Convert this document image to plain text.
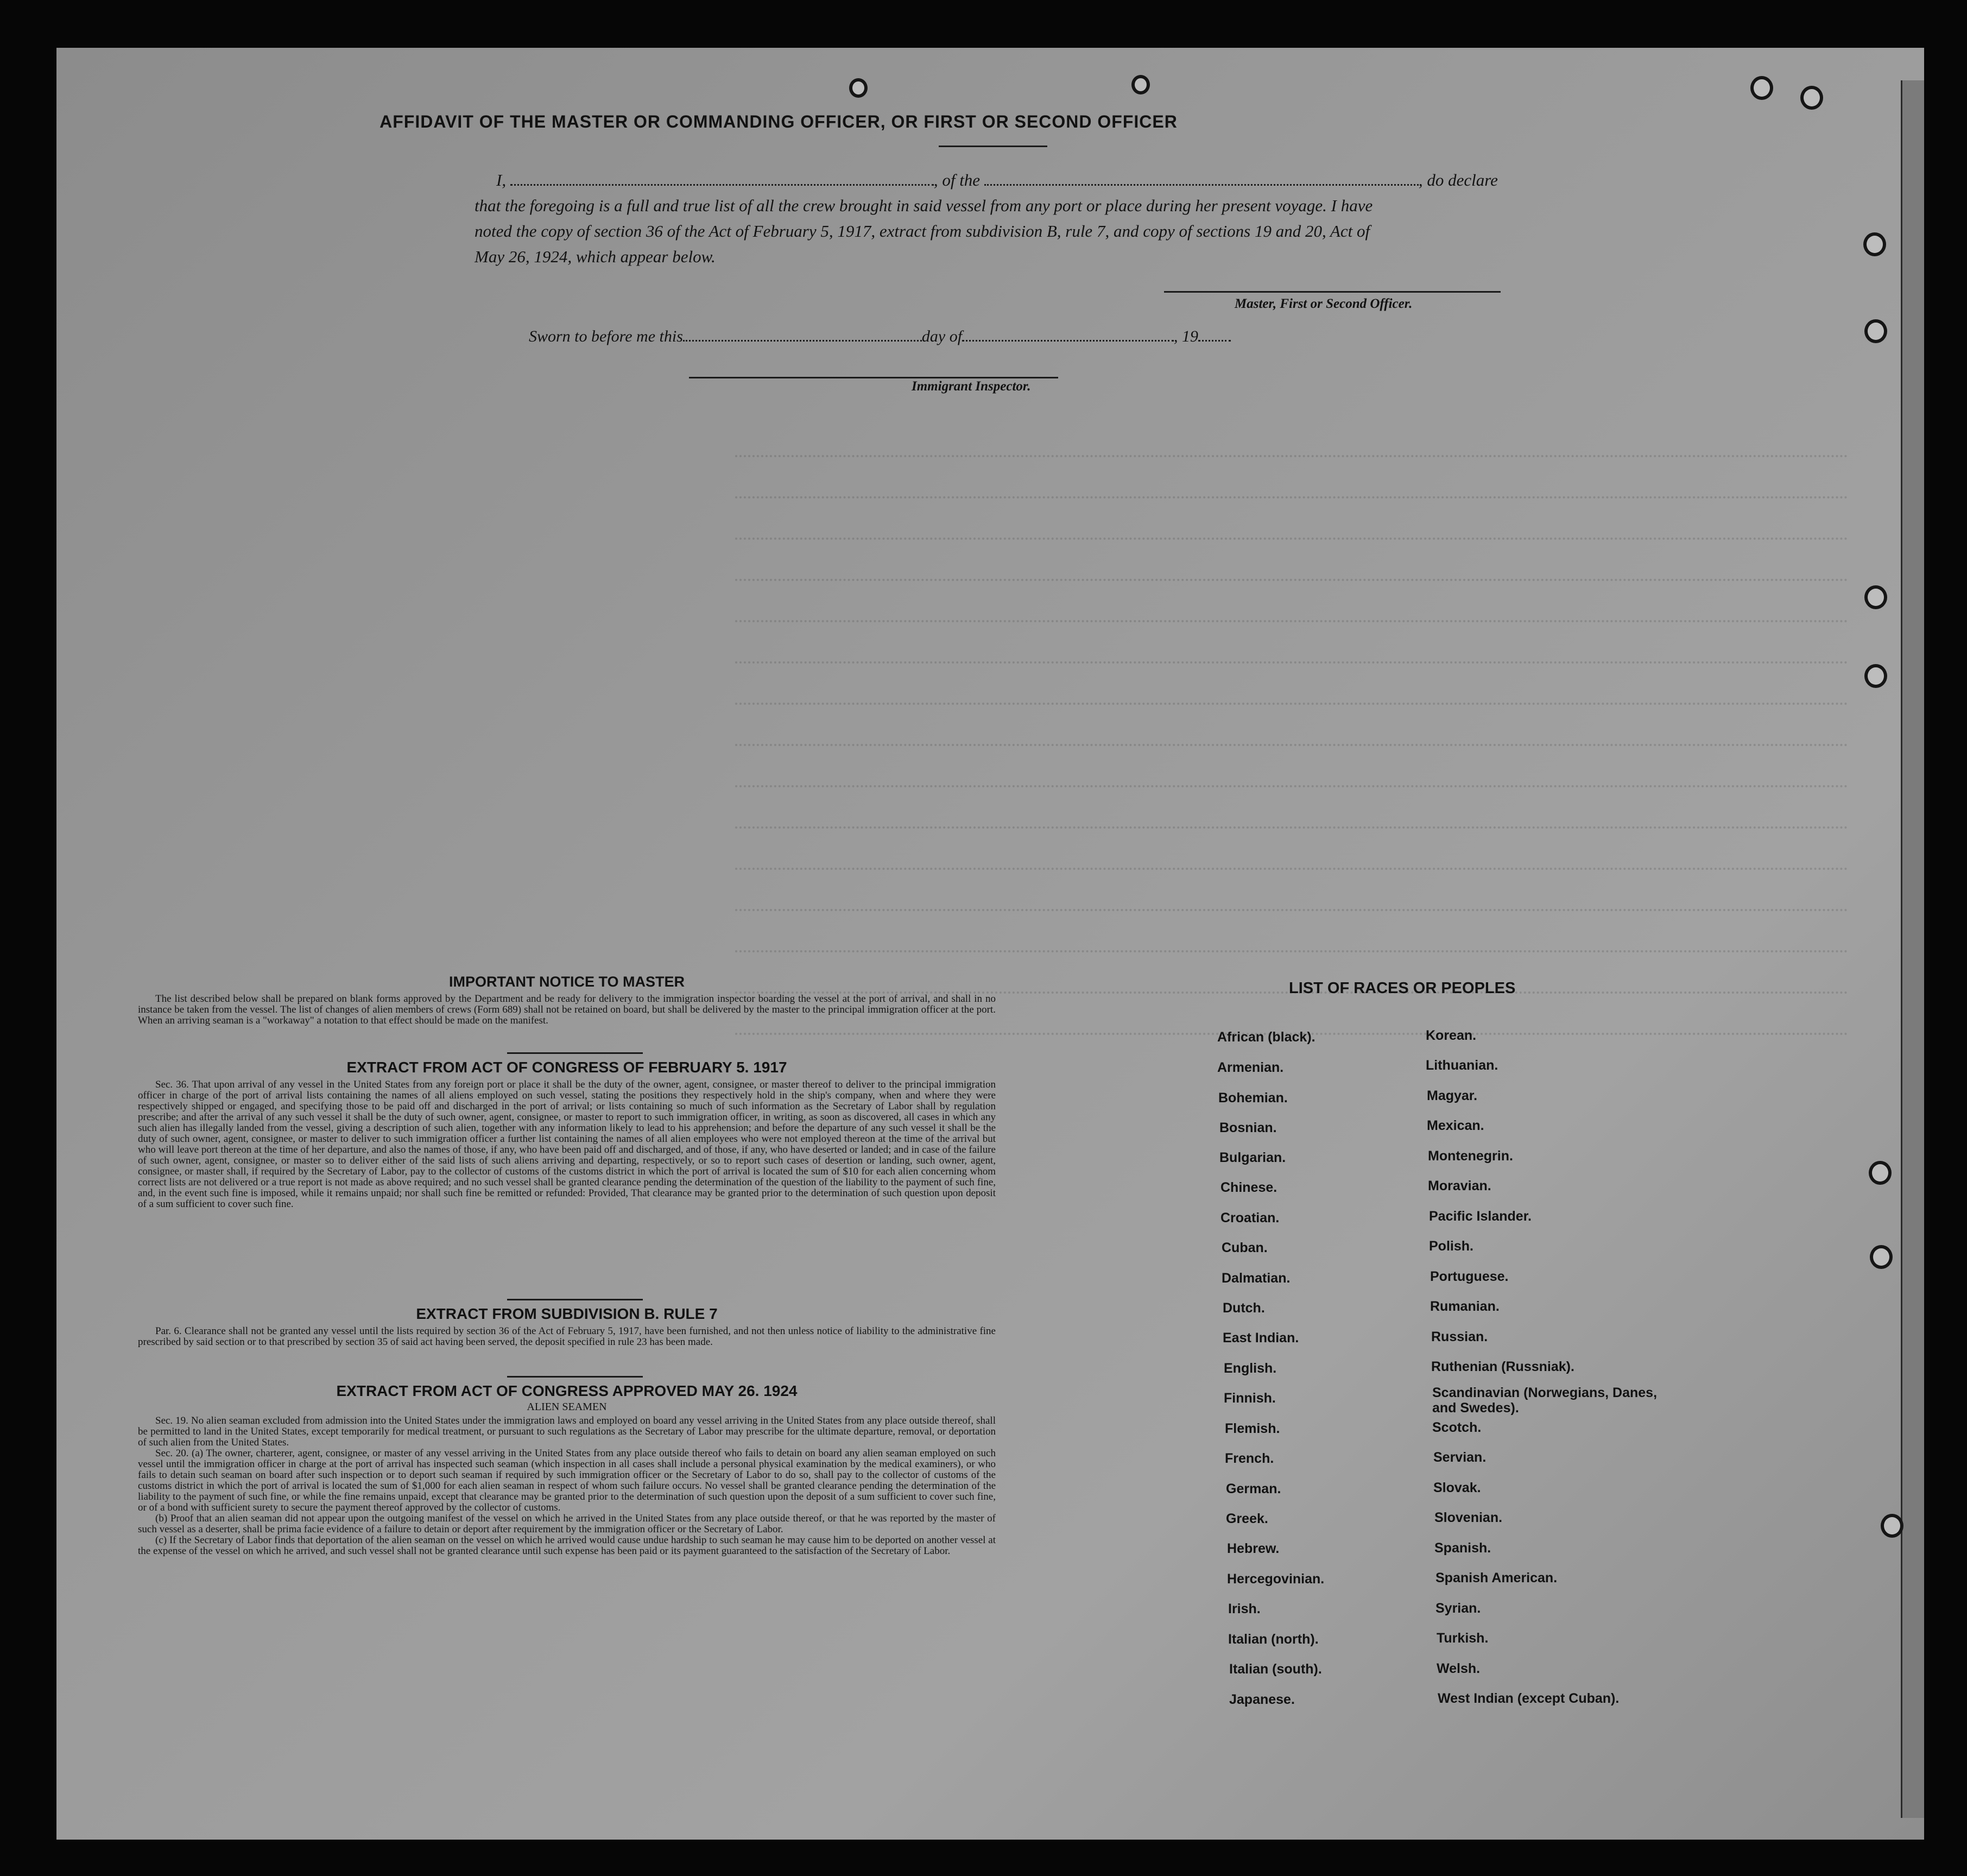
AFFIDAVIT OF THE MASTER OR COMMANDING OFFICER, OR FIRST OR SECOND OFFICER
I,	, of the	, do declare
that the foregoing is a full and true list of all the crew brought in said vessel from any port or place during her present voyage. I have
noted the copy of section 36 of the Act of February 5, 1917, extract from subdivision B, rule 7, and copy of sections 19 and 20, Act of
May 26, 1924, which appear below.
Master, First or Second Officer.
Sworn to before me this	day of	, 19
Immigrant Inspector.
IMPORTANT NOTICE TO MASTER

The list described below shall be prepared on blank forms approved by the Department and be ready for delivery to the immigration inspector boarding the vessel at the port of arrival, and shall in no instance be taken from the vessel. The list of changes of alien members of crews (Form 689) shall not be retained on board, but shall be delivered by the master to the principal immigration officer at the port. When an arriving seaman is a "workaway" a notation to that effect should be made on the manifest.

EXTRACT FROM ACT OF CONGRESS OF FEBRUARY 5. 1917

Sec. 36. That upon arrival of any vessel in the United States from any foreign port or place it shall be the duty of the owner, agent, consignee, or master thereof to deliver to the principal immigration officer in charge of the port of arrival lists containing the names of all aliens employed on such vessel, stating the positions they respectively hold in the ship's company, when and where they were respectively shipped or engaged, and specifying those to be paid off and discharged in the port of arrival; or lists containing so much of such information as the Secretary of Labor shall by regulation prescribe; and after the arrival of any such vessel it shall be the duty of such owner, agent, consignee, or master to report to such immigration officer, in writing, as soon as discovered, all cases in which any such alien has illegally landed from the vessel, giving a description of such alien, together with any information likely to lead to his apprehension; and before the departure of any such vessel it shall be the duty of such owner, agent, consignee, or master to deliver to such immigration officer a further list containing the names of all alien employees who were not employed thereon at the time of the arrival but who will leave port thereon at the time of her departure, and also the names of those, if any, who have been paid off and discharged, and of those, if any, who have deserted or landed; and in case of the failure of such owner, agent, consignee, or master so to deliver either of the said lists of such aliens arriving and departing, respectively, or so to report such cases of desertion or landing, such owner, agent, consignee, or master shall, if required by the Secretary of Labor, pay to the collector of customs of the customs district in which the port of arrival is located the sum of $10 for each alien concerning whom correct lists are not delivered or a true report is not made as above required; and no such vessel shall be granted clearance pending the determination of the question of the liability to the payment of such fine, and, in the event such fine is imposed, while it remains unpaid; nor shall such fine be remitted or refunded: Provided, That clearance may be granted prior to the determination of such question upon deposit of a sum sufficient to cover such fine.

EXTRACT FROM SUBDIVISION B. RULE 7

Par. 6. Clearance shall not be granted any vessel until the lists required by section 36 of the Act of February 5, 1917, have been furnished, and not then unless notice of liability to the administrative fine prescribed by said section or to that prescribed by section 35 of said act having been served, the deposit specified in rule 23 has been made.

EXTRACT FROM ACT OF CONGRESS APPROVED MAY 26. 1924
ALIEN SEAMEN

Sec. 19. No alien seaman excluded from admission into the United States under the immigration laws and employed on board any vessel arriving in the United States from any place outside thereof, shall be permitted to land in the United States, except temporarily for medical treatment, or pursuant to such regulations as the Secretary of Labor may prescribe for the ultimate departure, removal, or deportation of such alien from the United States.

Sec. 20. (a) The owner, charterer, agent, consignee, or master of any vessel arriving in the United States from any place outside thereof who fails to detain on board any alien seaman employed on such vessel until the immigration officer in charge at the port of arrival has inspected such seaman (which inspection in all cases shall include a personal physical examination by the medical examiners), or who fails to detain such seaman on board after such inspection or to deport such seaman if required by such immigration officer or the Secretary of Labor to do so, shall pay to the collector of customs of the customs district in which the port of arrival is located the sum of $1,000 for each alien seaman in respect of whom such failure occurs. No vessel shall be granted clearance pending the determination of the liability to the payment of such fine, or while the fine remains unpaid, except that clearance may be granted prior to the determination of such question upon the deposit of a sum sufficient to cover such fine, or of a bond with sufficient surety to secure the payment thereof approved by the collector of customs.

(b) Proof that an alien seaman did not appear upon the outgoing manifest of the vessel on which he arrived in the United States from any place outside thereof, or that he was reported by the master of such vessel as a deserter, shall be prima facie evidence of a failure to detain or deport after requirement by the immigration officer or the Secretary of Labor.

(c) If the Secretary of Labor finds that deportation of the alien seaman on the vessel on which he arrived would cause undue hardship to such seaman he may cause him to be deported on another vessel at the expense of the vessel on which he arrived, and such vessel shall not be granted clearance until such expense has been paid or its payment guaranteed to the satisfaction of the Secretary of Labor.

LIST OF RACES OR PEOPLES
African (black).
Armenian.
Bohemian.
Bosnian.
Bulgarian.
Chinese.
Croatian.
Cuban.
Dalmatian.
Dutch.
East Indian.
English.
Finnish.
Flemish.
French.
German.
Greek.
Hebrew.
Hercegovinian.
Irish.
Italian (north).
Italian (south).
Japanese.
Korean.
Lithuanian.
Magyar.
Mexican.
Montenegrin.
Moravian.
Pacific Islander.
Polish.
Portuguese.
Rumanian.
Russian.
Ruthenian (Russniak).
Scandinavian (Norwegians, Danes, and Swedes).
Scotch.
Servian.
Slovak.
Slovenian.
Spanish.
Spanish American.
Syrian.
Turkish.
Welsh.
West Indian (except Cuban).
